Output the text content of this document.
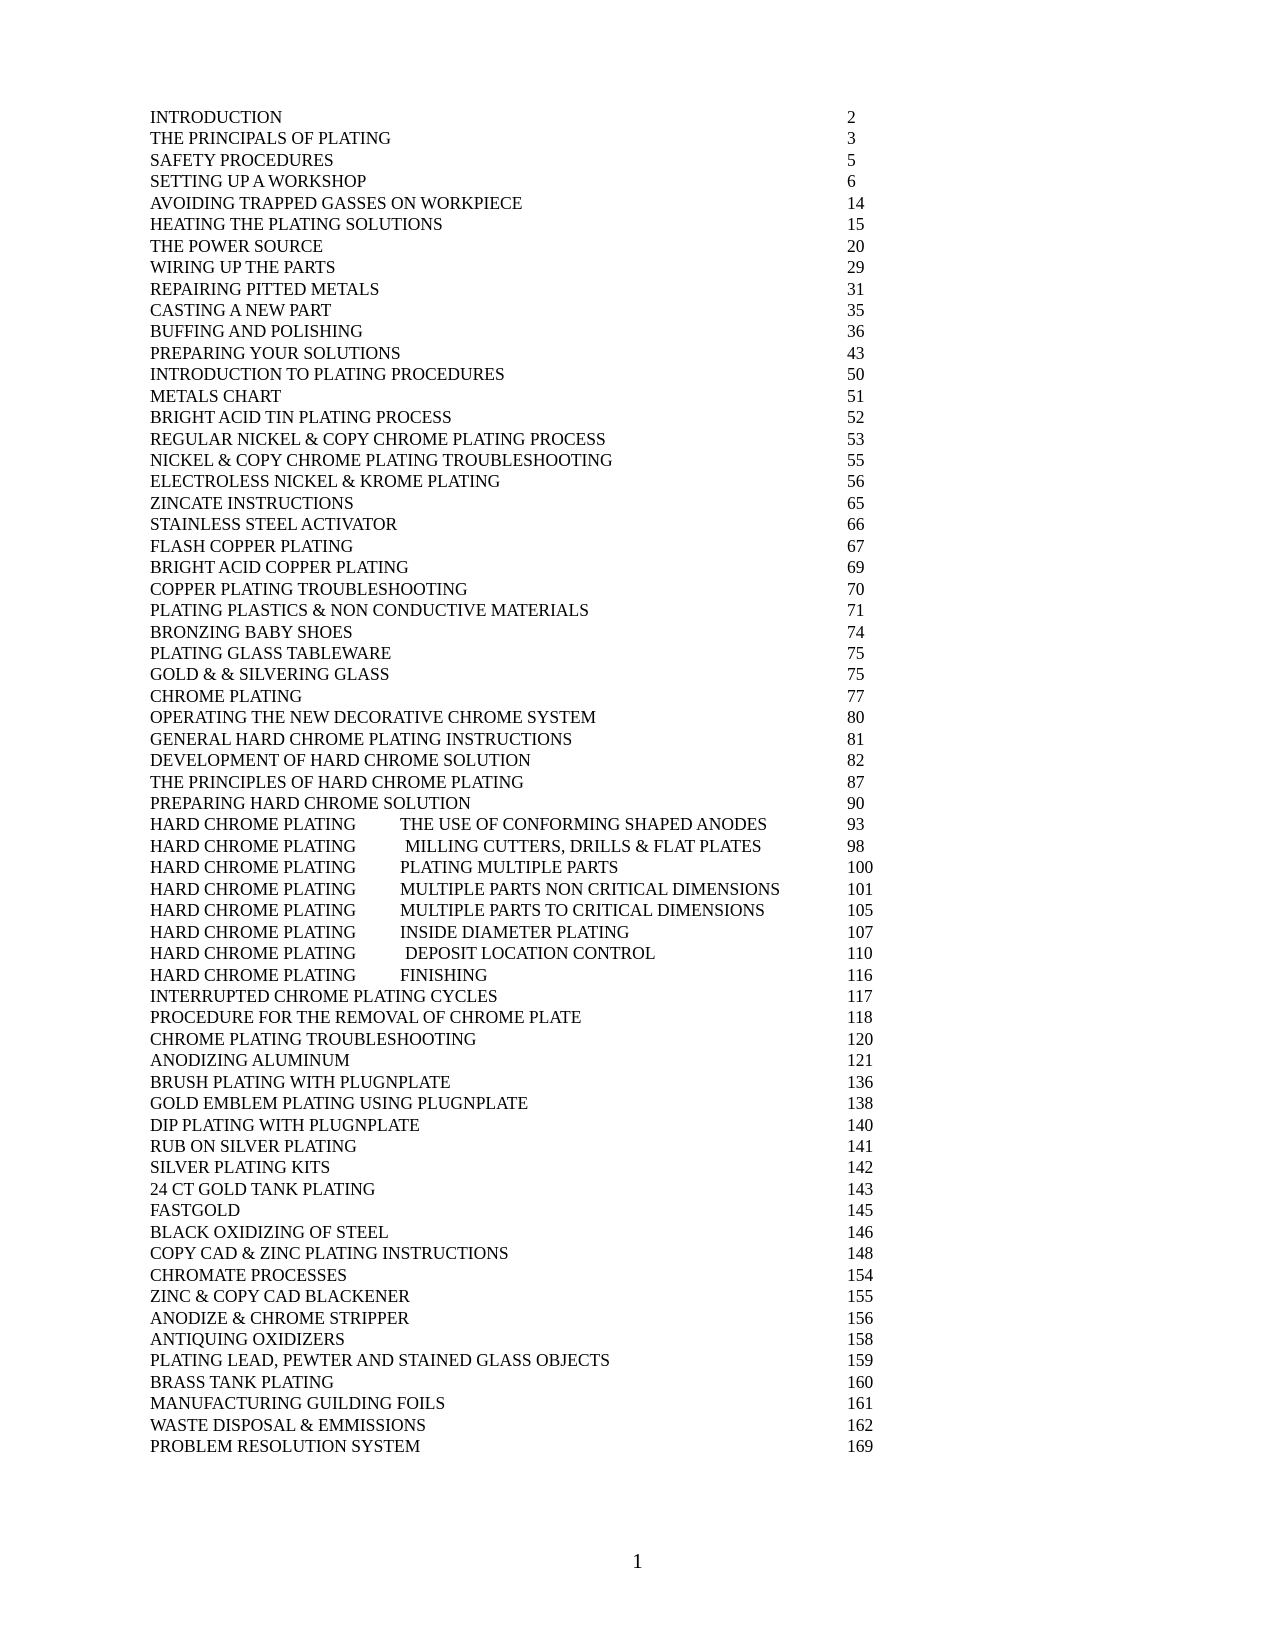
INTRODUCTION	2
THE PRINCIPALS OF PLATING	3
SAFETY PROCEDURES	5
SETTING UP A WORKSHOP	6
AVOIDING TRAPPED GASSES ON WORKPIECE	14
HEATING THE PLATING SOLUTIONS	15
THE POWER SOURCE	20
WIRING UP THE PARTS	29
REPAIRING PITTED METALS	31
CASTING A NEW PART	35
BUFFING AND POLISHING	36
PREPARING YOUR SOLUTIONS	43
INTRODUCTION TO PLATING PROCEDURES	50
METALS CHART	51
BRIGHT ACID TIN PLATING PROCESS	52
REGULAR NICKEL & COPY CHROME PLATING PROCESS	53
NICKEL & COPY CHROME PLATING TROUBLESHOOTING	55
ELECTROLESS NICKEL & KROME PLATING	56
ZINCATE INSTRUCTIONS	65
STAINLESS STEEL ACTIVATOR	66
FLASH COPPER PLATING	67
BRIGHT ACID COPPER PLATING	69
COPPER PLATING TROUBLESHOOTING	70
PLATING PLASTICS & NON CONDUCTIVE MATERIALS	71
BRONZING BABY SHOES	74
PLATING GLASS TABLEWARE	75
GOLD & & SILVERING GLASS	75
CHROME PLATING	77
OPERATING THE NEW DECORATIVE CHROME SYSTEM	80
GENERAL HARD CHROME PLATING INSTRUCTIONS	81
DEVELOPMENT OF HARD CHROME SOLUTION	82
THE PRINCIPLES OF HARD CHROME PLATING	87
PREPARING HARD CHROME SOLUTION	90
HARD CHROME PLATING	THE USE OF CONFORMING SHAPED ANODES	93
HARD CHROME PLATING	MILLING CUTTERS, DRILLS & FLAT PLATES	98
HARD CHROME PLATING	PLATING MULTIPLE PARTS	100
HARD CHROME PLATING	MULTIPLE PARTS NON CRITICAL DIMENSIONS	101
HARD CHROME PLATING	MULTIPLE PARTS TO CRITICAL DIMENSIONS	105
HARD CHROME PLATING	INSIDE DIAMETER PLATING	107
HARD CHROME PLATING	DEPOSIT LOCATION CONTROL	110
HARD CHROME PLATING	FINISHING	116
INTERRUPTED CHROME PLATING CYCLES	117
PROCEDURE FOR THE REMOVAL OF CHROME PLATE	118
CHROME PLATING TROUBLESHOOTING	120
ANODIZING ALUMINUM	121
BRUSH PLATING WITH PLUGNPLATE	136
GOLD EMBLEM PLATING USING PLUGNPLATE	138
DIP PLATING WITH PLUGNPLATE	140
RUB ON SILVER PLATING	141
SILVER PLATING KITS	142
24 CT GOLD TANK PLATING	143
FASTGOLD	145
BLACK OXIDIZING OF STEEL	146
COPY CAD & ZINC PLATING INSTRUCTIONS	148
CHROMATE PROCESSES	154
ZINC & COPY CAD BLACKENER	155
ANODIZE & CHROME STRIPPER	156
ANTIQUING OXIDIZERS	158
PLATING LEAD, PEWTER AND STAINED GLASS OBJECTS	159
BRASS TANK PLATING	160
MANUFACTURING GUILDING FOILS	161
WASTE DISPOSAL & EMMISSIONS	162
PROBLEM RESOLUTION SYSTEM	169
1
